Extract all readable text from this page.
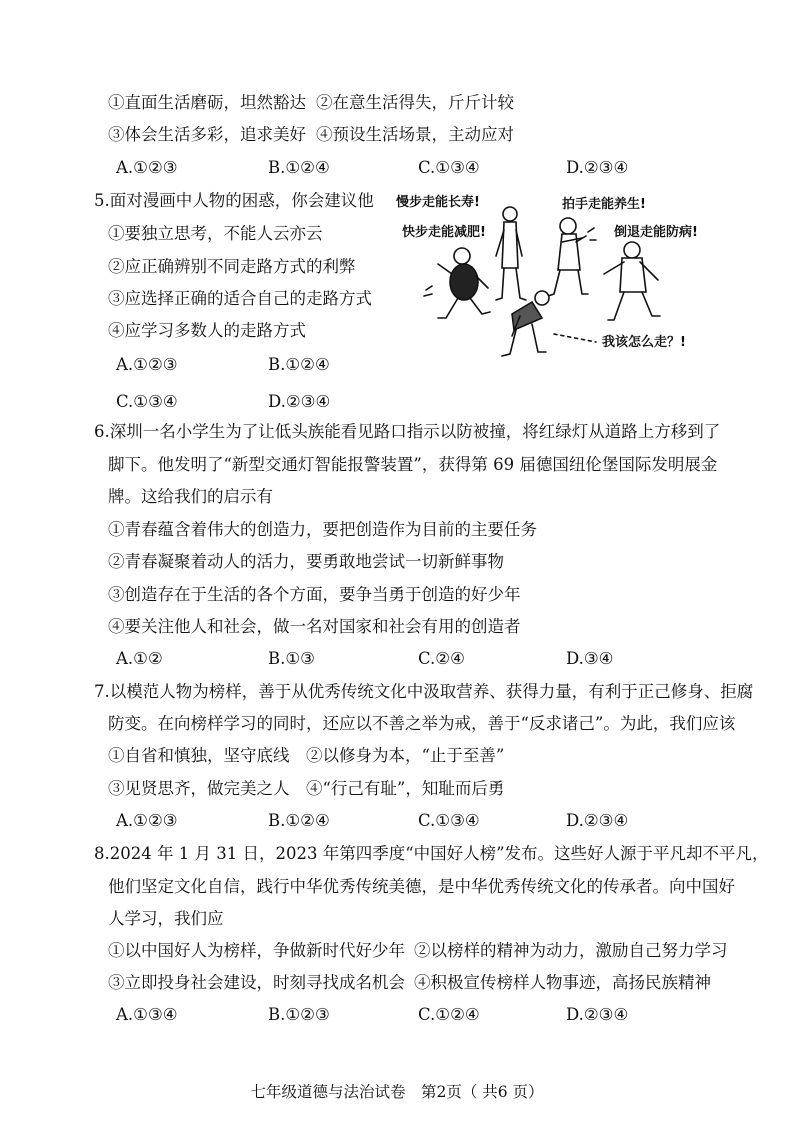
①直面生活磨砺，坦然豁达 ②在意生活得失，斤斤计较
③体会生活多彩，追求美好 ④预设生活场景，主动应对
A.①②③	B.①②④	C.①③④	D.②③④
5.面对漫画中人物的困惑，你会建议他
①要独立思考，不能人云亦云
②应正确辨别不同走路方式的利弊
③应选择正确的适合自己的走路方式
④应学习多数人的走路方式
A.①②③	B.①②④
C.①③④	D.②③④
慢步走能长寿!	拍手走能养生!
快步走能减肥!	倒退走能防病!
我该怎么走？!
6.深圳一名小学生为了让低头族能看见路口指示以防被撞，将红绿灯从道路上方移到了
脚下。他发明了“新型交通灯智能报警装置”，获得第 69 届德国纽伦堡国际发明展金
牌。这给我们的启示有
①青春蕴含着伟大的创造力，要把创造作为目前的主要任务
②青春凝聚着动人的活力，要勇敢地尝试一切新鲜事物
③创造存在于生活的各个方面，要争当勇于创造的好少年
④要关注他人和社会，做一名对国家和社会有用的创造者
A.①②	B.①③	C.②④	D.③④
7.以模范人物为榜样，善于从优秀传统文化中汲取营养、获得力量，有利于正己修身、拒腐
防变。在向榜样学习的同时，还应以不善之举为戒，善于“反求诸己”。为此，我们应该
①自省和慎独，坚守底线 ②以修身为本，“止于至善”
③见贤思齐，做完美之人 ④“行己有耻”，知耻而后勇
A.①②③	B.①②④	C.①③④	D.②③④
8.2024 年 1 月 31 日，2023 年第四季度“中国好人榜”发布。这些好人源于平凡却不平凡，
他们坚定文化自信，践行中华优秀传统美德，是中华优秀传统文化的传承者。向中国好
人学习，我们应
①以中国好人为榜样，争做新时代好少年 ②以榜样的精神为动力，激励自己努力学习
③立即投身社会建设，时刻寻找成名机会 ④积极宣传榜样人物事迹，高扬民族精神
A.①③④	B.①②③	C.①②④	D.②③④
七年级道德与法治试卷　第2页（ 共6 页）
